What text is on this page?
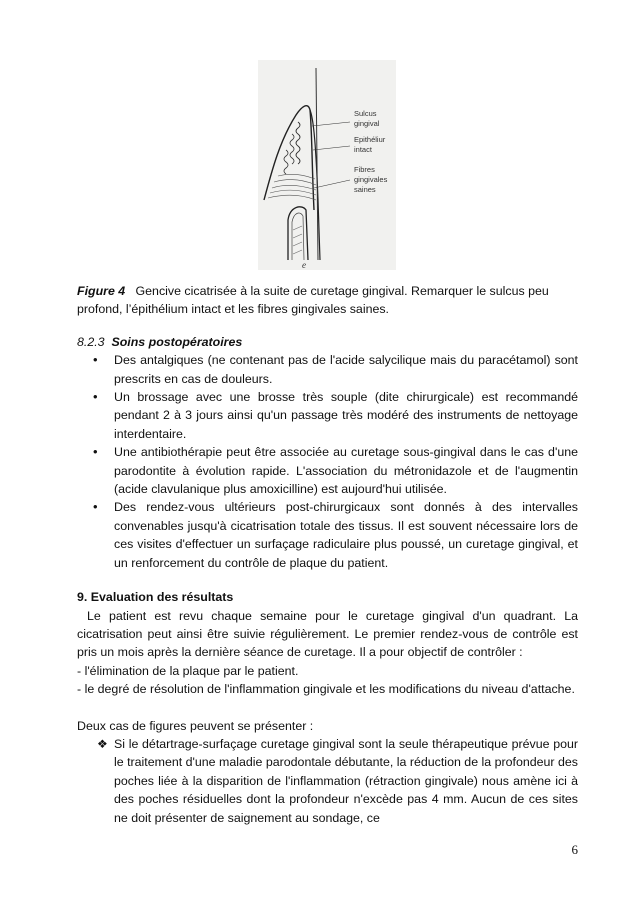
Sulcus
gingival
Epithéliur
intact
Fibres
gingivales
saines
e

Figure 4 Gencive cicatrisée à la suite de curetage gingival. Remarquer le sulcus peu profond, l’épithélium intact et les fibres gingivales saines.

8.2.3 Soins postopératoires

• Des antalgiques (ne contenant pas de l'acide salycilique mais du paracétamol) sont prescrits en cas de douleurs.
• Un brossage avec une brosse très souple (dite chirurgicale) est recommandé pendant 2 à 3 jours ainsi qu'un passage très modéré des instruments de nettoyage interdentaire.
• Une antibiothérapie peut être associée au curetage sous-gingival dans le cas d'une parodontite à évolution rapide. L'association du métronidazole et de l'augmentin (acide clavulanique plus amoxicilline) est aujourd'hui utilisée.
• Des rendez-vous ultérieurs post-chirurgicaux sont donnés à des intervalles convenables jusqu'à cicatrisation totale des tissus. Il est souvent nécessaire lors de ces visites d'effectuer un surfaçage radiculaire plus poussé, un curetage gingival, et un renforcement du contrôle de plaque du patient.

9. Evaluation des résultats

Le patient est revu chaque semaine pour le curetage gingival d'un quadrant. La cicatrisation peut ainsi être suivie régulièrement. Le premier rendez-vous de contrôle est pris un mois après la dernière séance de curetage. Il a pour objectif de contrôler :

- l'élimination de la plaque par le patient.

- le degré de résolution de l'inflammation gingivale et les modifications du niveau d'attache.

Deux cas de figures peuvent se présenter :

❖ Si le détartrage-surfaçage curetage gingival sont la seule thérapeutique prévue pour le traitement d'une maladie parodontale débutante, la réduction de la profondeur des poches liée à la disparition de l'inflammation (rétraction gingivale) nous amène ici à des poches résiduelles dont la profondeur n'excède pas 4 mm. Aucun de ces sites ne doit présenter de saignement au sondage, ce
6
